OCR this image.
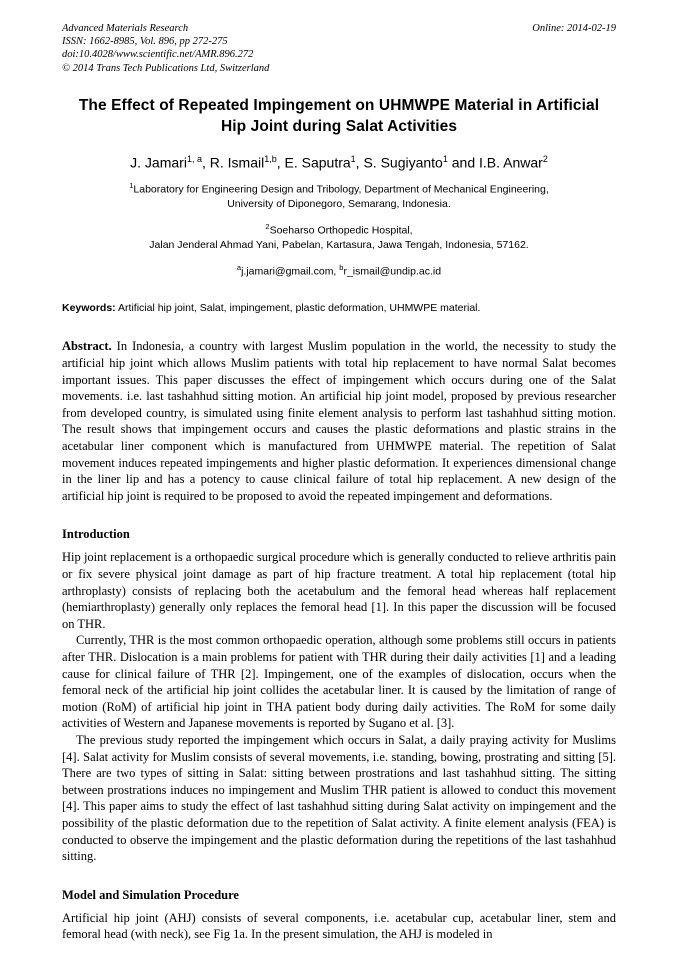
Advanced Materials Research
ISSN: 1662-8985, Vol. 896, pp 272-275
doi:10.4028/www.scientific.net/AMR.896.272
© 2014 Trans Tech Publications Ltd, Switzerland
Online: 2014-02-19
The Effect of Repeated Impingement on UHMWPE Material in Artificial
Hip Joint during Salat Activities
J. Jamari$^{1, a}$, R. Ismail$^{1,b}$, E. Saputra$^1$, S. Sugiyanto$^1$ and I.B. Anwar$^2$
$^1$Laboratory for Engineering Design and Tribology, Department of Mechanical Engineering,
University of Diponegoro, Semarang, Indonesia.
$^2$Soeharso Orthopedic Hospital,
Jalan Jenderal Ahmad Yani, Pabelan, Kartasura, Jawa Tengah, Indonesia, 57162.
$^a$j.jamari@gmail.com, $^b$r_ismail@undip.ac.id
Keywords: Artificial hip joint, Salat, impingement, plastic deformation, UHMWPE material.
Abstract. In Indonesia, a country with largest Muslim population in the world, the necessity to study the artificial hip joint which allows Muslim patients with total hip replacement to have normal Salat becomes important issues. This paper discusses the effect of impingement which occurs during one of the Salat movements. i.e. last tashahhud sitting motion. An artificial hip joint model, proposed by previous researcher from developed country, is simulated using finite element analysis to perform last tashahhud sitting motion. The result shows that impingement occurs and causes the plastic deformations and plastic strains in the acetabular liner component which is manufactured from UHMWPE material. The repetition of Salat movement induces repeated impingements and higher plastic deformation. It experiences dimensional change in the liner lip and has a potency to cause clinical failure of total hip replacement. A new design of the artificial hip joint is required to be proposed to avoid the repeated impingement and deformations.
Introduction
Hip joint replacement is a orthopaedic surgical procedure which is generally conducted to relieve arthritis pain or fix severe physical joint damage as part of hip fracture treatment. A total hip replacement (total hip arthroplasty) consists of replacing both the acetabulum and the femoral head whereas half replacement (hemiarthroplasty) generally only replaces the femoral head [1]. In this paper the discussion will be focused on THR.
Currently, THR is the most common orthopaedic operation, although some problems still occurs in patients after THR. Dislocation is a main problems for patient with THR during their daily activities [1] and a leading cause for clinical failure of THR [2]. Impingement, one of the examples of dislocation, occurs when the femoral neck of the artificial hip joint collides the acetabular liner. It is caused by the limitation of range of motion (RoM) of artificial hip joint in THA patient body during daily activities. The RoM for some daily activities of Western and Japanese movements is reported by Sugano et al. [3].
The previous study reported the impingement which occurs in Salat, a daily praying activity for Muslims [4]. Salat activity for Muslim consists of several movements, i.e. standing, bowing, prostrating and sitting [5]. There are two types of sitting in Salat: sitting between prostrations and last tashahhud sitting. The sitting between prostrations induces no impingement and Muslim THR patient is allowed to conduct this movement [4]. This paper aims to study the effect of last tashahhud sitting during Salat activity on impingement and the possibility of the plastic deformation due to the repetition of Salat activity. A finite element analysis (FEA) is conducted to observe the impingement and the plastic deformation during the repetitions of the last tashahhud sitting.
Model and Simulation Procedure
Artificial hip joint (AHJ) consists of several components, i.e. acetabular cup, acetabular liner, stem and femoral head (with neck), see Fig 1a. In the present simulation, the AHJ is modeled in
